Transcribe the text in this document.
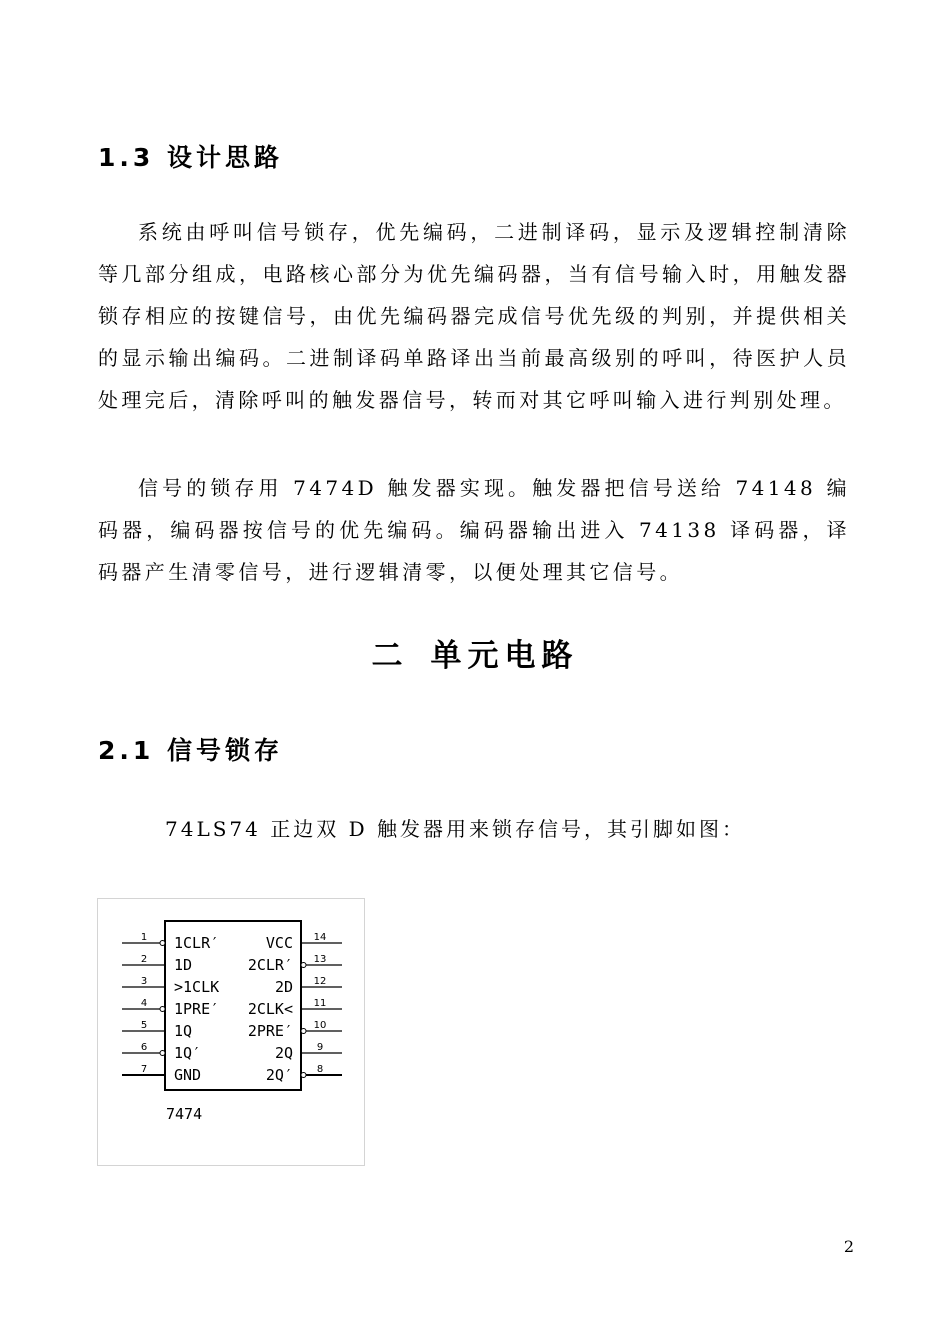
1.3 设计思路

系统由呼叫信号锁存，优先编码，二进制译码，显示及逻辑控制清除等几部分组成，电路核心部分为优先编码器，当有信号输入时，用触发器锁存相应的按键信号，由优先编码器完成信号优先级的判别，并提供相关的显示输出编码。二进制译码单路译出当前最高级别的呼叫，待医护人员处理完后，清除呼叫的触发器信号，转而对其它呼叫输入进行判别处理。

信号的锁存用 7474D 触发器实现。触发器把信号送给 74148 编码器，编码器按信号的优先编码。编码器输出进入 74138 译码器，译码器产生清零信号，进行逻辑清零，以便处理其它信号。

二 单元电路
2.1 信号锁存

74LS74 正边双 D 触发器用来锁存信号，其引脚如图：

1 1CLR′
2 1D
3 >1CLK
4 1PRE′
5 1Q
6 1Q′
7 GND
14
VCC
13
2CLR′
12
2D
11
2CLK<
10
2PRE′
9
2Q
8
2Q′
7474
2
